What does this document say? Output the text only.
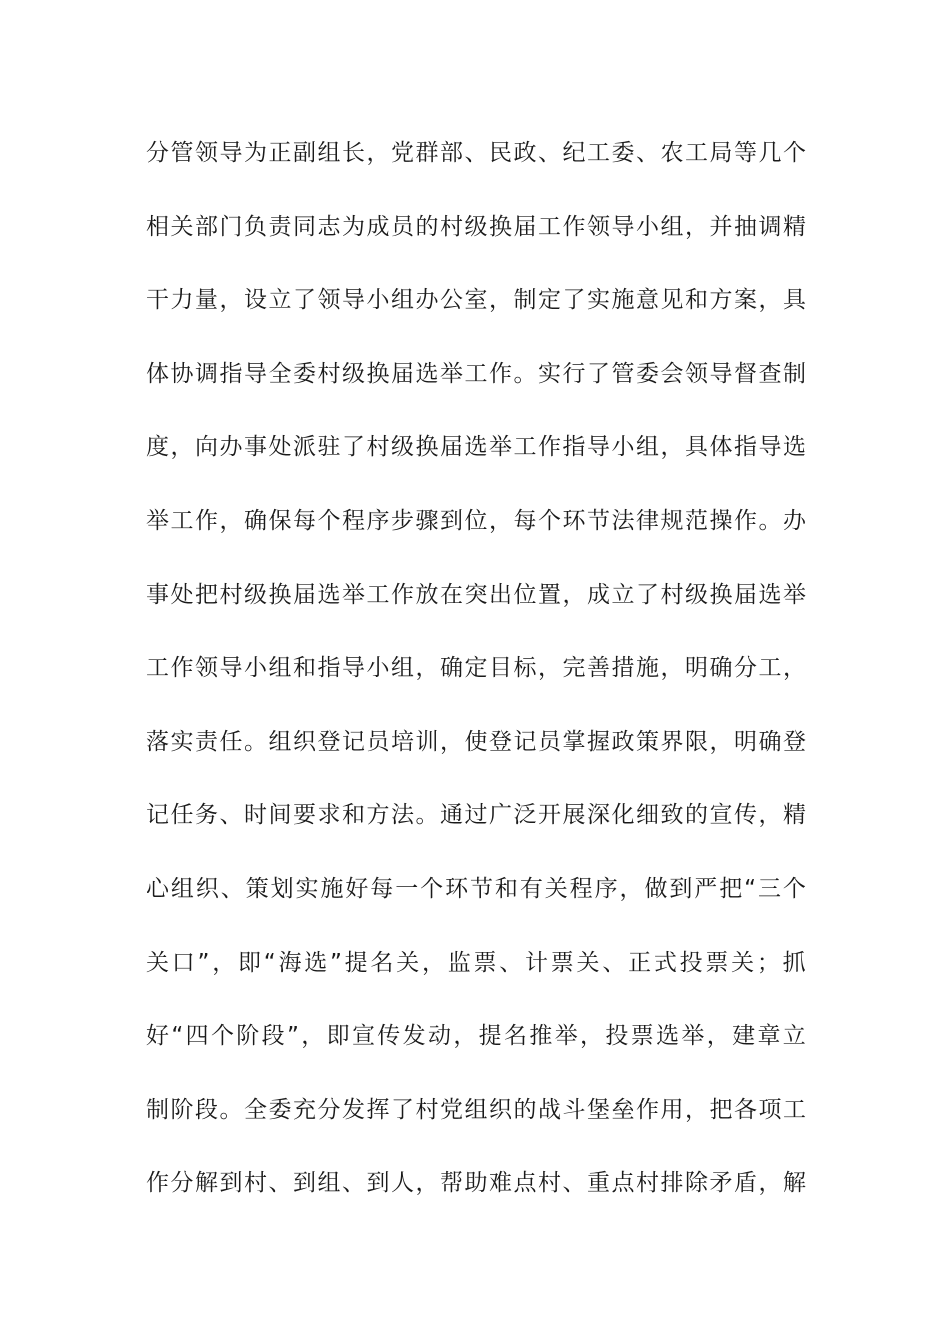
分 管 领 导 为 正 副 组 长 ， 党 群 部 、 民 政 、 纪 工 委 、 农 工 局 等 几 个
相 关 部 门 负 责 同 志 为 成 员 的 村 级 换 届 工 作 领 导 小 组 ， 并 抽 调 精
干 力 量 ， 设 立 了 领 导 小 组 办 公 室 ， 制 定 了 实 施 意 见 和 方 案 ， 具
体 协 调 指 导 全 委 村 级 换 届 选 举 工 作 。 实 行 了 管 委 会 领 导 督 查 制
度 ， 向 办 事 处 派 驻 了 村 级 换 届 选 举 工 作 指 导 小 组 ， 具 体 指 导 选
举 工 作 ， 确 保 每 个 程 序 步 骤 到 位 ， 每 个 环 节 法 律 规 范 操 作 。 办
事 处 把 村 级 换 届 选 举 工 作 放 在 突 出 位 置 ， 成 立 了 村 级 换 届 选 举
工 作 领 导 小 组 和 指 导 小 组 ， 确 定 目 标 ， 完 善 措 施 ， 明 确 分 工 ，
落 实 责 任 。 组 织 登 记 员 培 训 ， 使 登 记 员 掌 握 政 策 界 限 ， 明 确 登
记 任 务 、 时 间 要 求 和 方 法 。 通 过 广 泛 开 展 深 化 细 致 的 宣 传 ， 精
心 组 织 、 策 划 实 施 好 每 一 个 环 节 和 有 关 程 序 ， 做 到 严 把 “ 三 个
关 口 ” ， 即 “ 海 选 ” 提 名 关 ， 监 票 、 计 票 关 、 正 式 投 票 关 ； 抓
好 “ 四 个 阶 段 ” ， 即 宣 传 发 动 ， 提 名 推 举 ， 投 票 选 举 ， 建 章 立
制 阶 段 。 全 委 充 分 发 挥 了 村 党 组 织 的 战 斗 堡 垒 作 用 ， 把 各 项 工
作 分 解 到 村 、 到 组 、 到 人 ， 帮 助 难 点 村 、 重 点 村 排 除 矛 盾 ， 解
